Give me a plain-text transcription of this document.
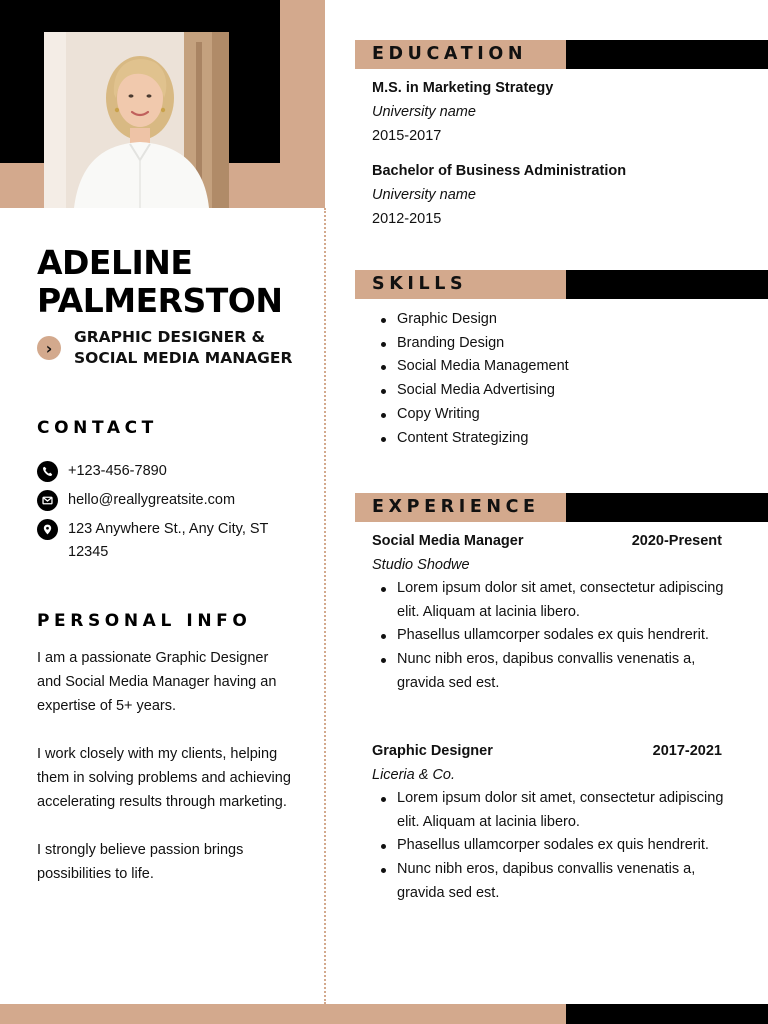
ADELINE
PALMERSTON
›
GRAPHIC DESIGNER &
SOCIAL MEDIA MANAGER
CONTACT
+123-456-7890
hello@reallygreatsite.com
123 Anywhere St., Any City, ST 12345
PERSONAL INFO

I am a passionate Graphic Designer and Social Media Manager having an expertise of 5+ years.

I work closely with my clients, helping them in solving problems and achieving accelerating results through marketing.

I strongly believe passion brings possibilities to life.

EDUCATION
M.S. in Marketing Strategy
University name
2015-2017
Bachelor of Business Administration
University name
2012-2015
SKILLS
Graphic Design
Branding Design
Social Media Management
Social Media Advertising
Copy Writing
Content Strategizing
EXPERIENCE
Social Media Manager	2020-Present
Studio Shodwe
Lorem ipsum dolor sit amet, consectetur adipiscing elit. Aliquam at lacinia libero.
Phasellus ullamcorper sodales ex quis hendrerit.
Nunc nibh eros, dapibus convallis venenatis a, gravida sed est.
Graphic Designer	2017-2021
Liceria & Co.
Lorem ipsum dolor sit amet, consectetur adipiscing elit. Aliquam at lacinia libero.
Phasellus ullamcorper sodales ex quis hendrerit.
Nunc nibh eros, dapibus convallis venenatis a, gravida sed est.
